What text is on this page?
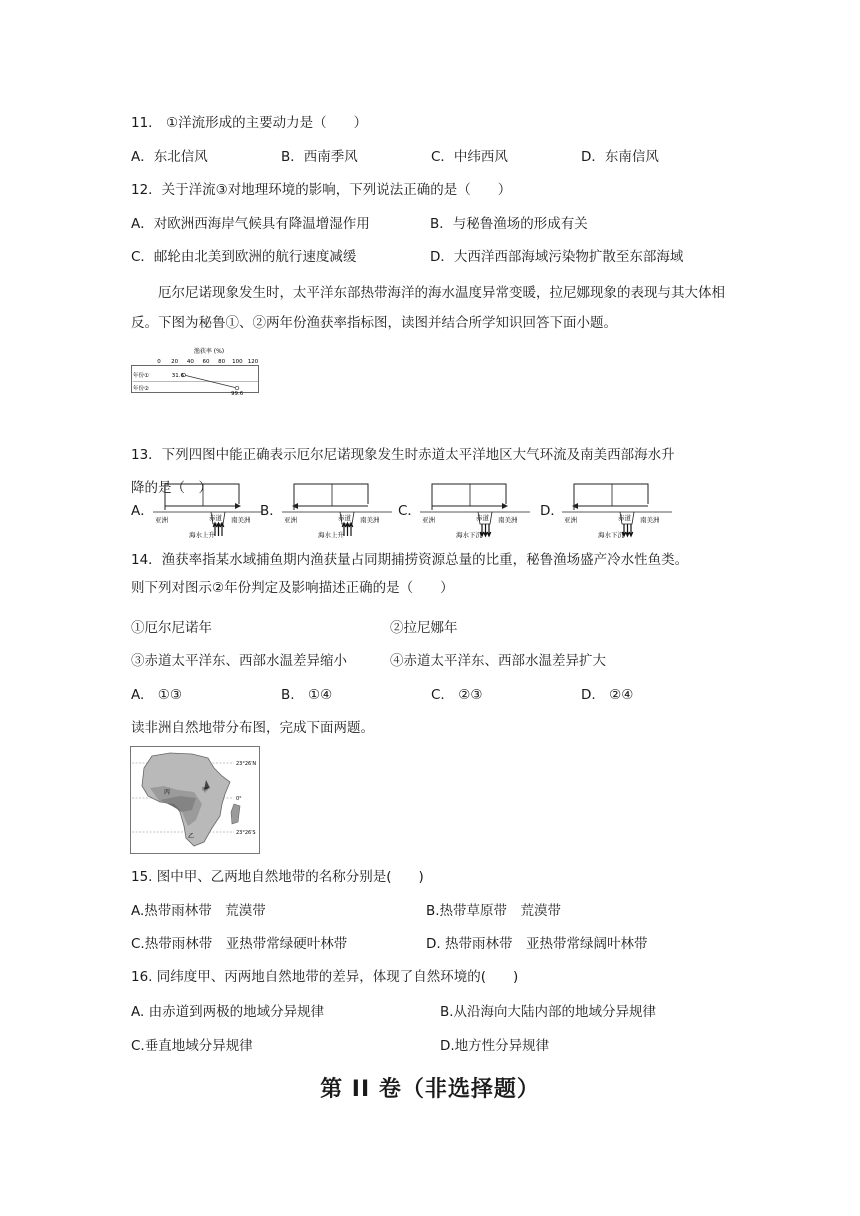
11． ①洋流形成的主要动力是（　　）
A．东北信风	B．西南季风	C．中纬西风	D．东南信风
12．关于洋流③对地理环境的影响，下列说法正确的是（　　）
A．对欧洲西海岸气候具有降温增湿作用	B．与秘鲁渔场的形成有关
C．邮轮由北美到欧洲的航行速度减缓	D．大西洋西部海域污染物扩散至东部海域
厄尔尼诺现象发生时，太平洋东部热带海洋的海水温度异常变暖，拉尼娜现象的表现与其大体相反。下图为秘鲁①、②两年份渔获率指标图，读图并结合所学知识回答下面小题。
渔获率 (%)
0 20 40 60 80 100 120
年份①
年份②
31.6
99.6
13．下列四图中能正确表示厄尔尼诺现象发生时赤道太平洋地区大气环流及南美西部海水升
降的是（　）
A．
亚洲	赤道 南美洲
海水上升
B．
亚洲	赤道 南美洲
海水上升
C．
亚洲	赤道 南美洲
海水下沉
D．
亚洲	赤道 南美洲
海水下沉
14．渔获率指某水域捕鱼期内渔获量占同期捕捞资源总量的比重，秘鲁渔场盛产冷水性鱼类。
则下列对图示②年份判定及影响描述正确的是（　　）
①厄尔尼诺年	②拉尼娜年
③赤道太平洋东、西部水温差异缩小	④赤道太平洋东、西部水温差异扩大
A.　①③	B.　①④	C.　②③	D.　②④
读非洲自然地带分布图，完成下面两题。
23°26′N
0°
23°26′S
甲
乙
丙
15. 图中甲、乙两地自然地带的名称分别是(　　)
A.热带雨林带　荒漠带	B.热带草原带　荒漠带
C.热带雨林带　亚热带常绿硬叶林带	D. 热带雨林带　亚热带常绿阔叶林带
16. 同纬度甲、丙两地自然地带的差异，体现了自然环境的(　　)
A. 由赤道到两极的地域分异规律	B.从沿海向大陆内部的地域分异规律
C.垂直地域分异规律	D.地方性分异规律
第 II 卷（非选择题）
